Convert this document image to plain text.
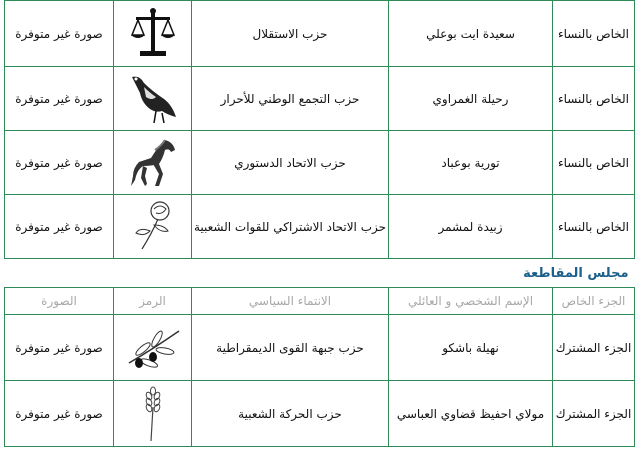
الخاص بالنساء	سعيدة ايت بوعلي	حزب الاستقلال		صورة غير متوفرة
الخاص بالنساء	رحيلة الغمراوي	حزب التجمع الوطني للأحرار		صورة غير متوفرة
الخاص بالنساء	تورية بوعباد	حزب الاتحاد الدستوري		صورة غير متوفرة
الخاص بالنساء	زبيدة لمشمر	حزب الاتحاد الاشتراكي للقوات الشعبية		صورة غير متوفرة
مجلس المقاطعة				
الجزء الخاص	الإسم الشخصي و العائلي	الانتماء السياسي	الرمز	الصورة
الجزء المشترك	نهيلة باشكو	حزب جبهة القوى الديمقراطية		صورة غير متوفرة
الجزء المشترك	مولاي احفيظ قضاوي العباسي	حزب الحركة الشعبية		صورة غير متوفرة
